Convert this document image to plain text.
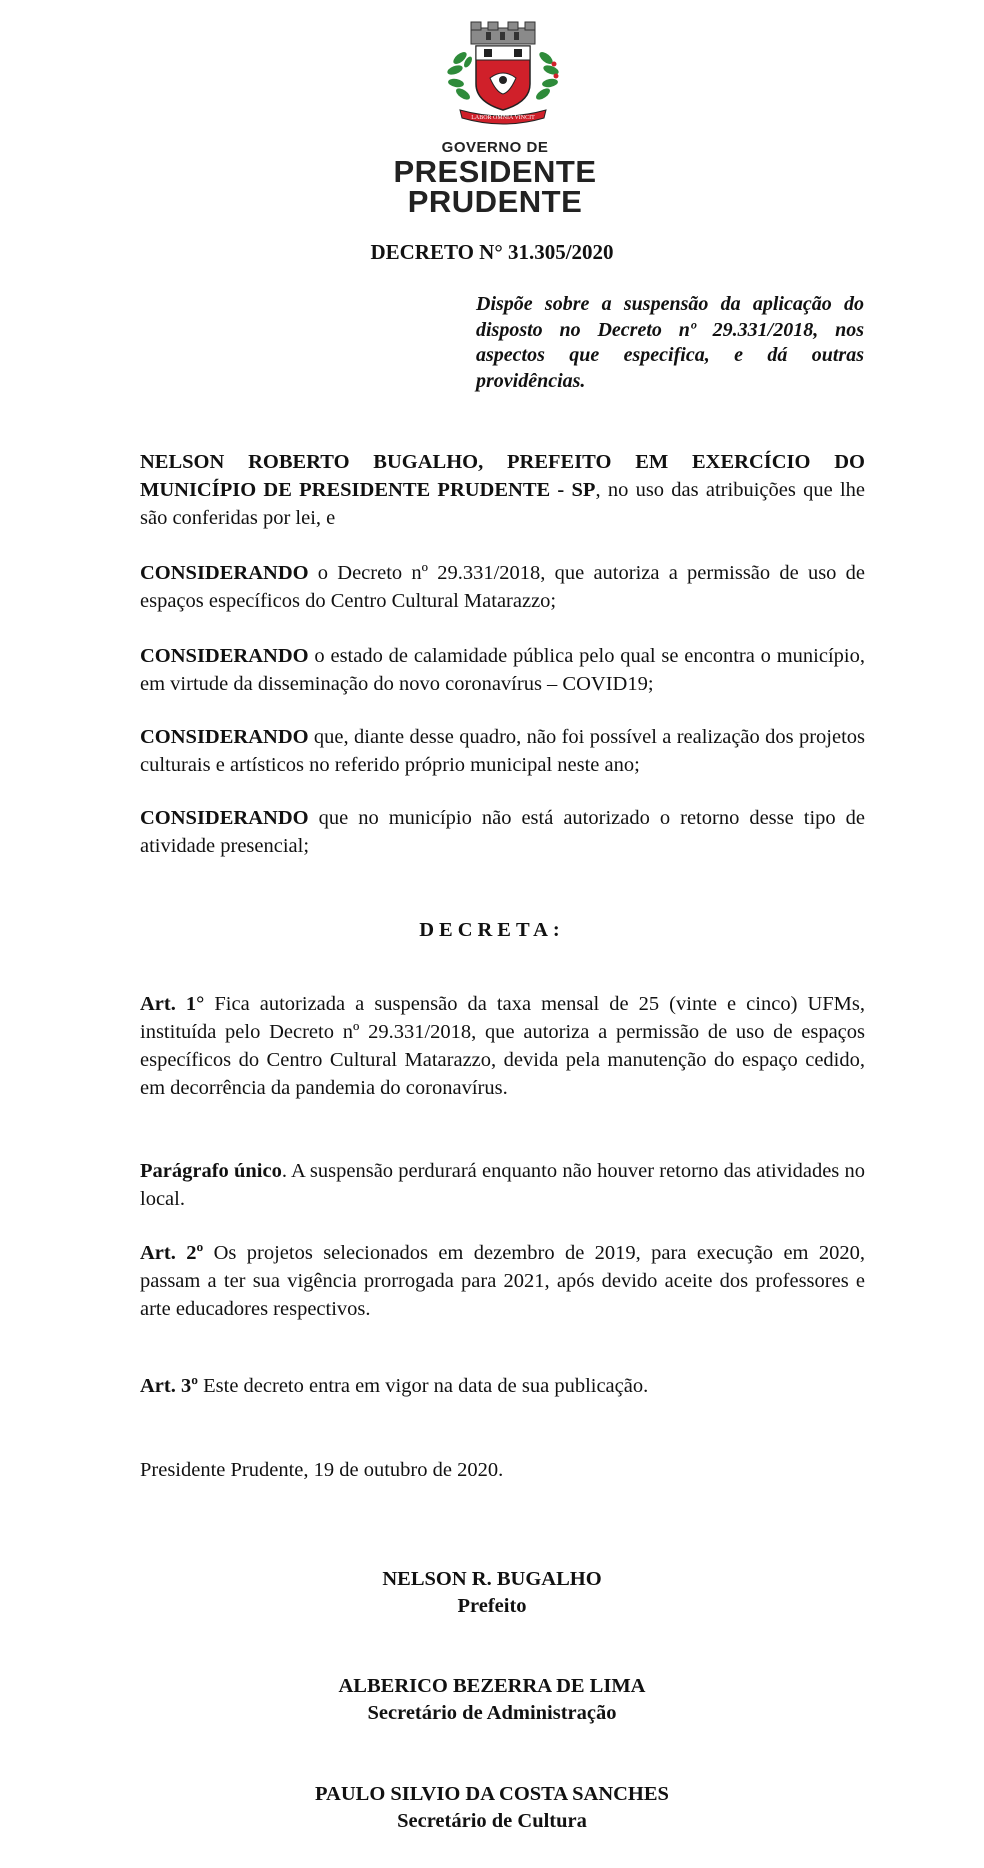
LABOR OMNIA VINCIT
GOVERNO DE
PRESIDENTE
PRUDENTE
DECRETO N° 31.305/2020
Dispõe sobre a suspensão da aplicação do disposto no Decreto nº 29.331/2018, nos aspectos que especifica, e dá outras providências.
NELSON ROBERTO BUGALHO, PREFEITO EM EXERCÍCIO DO MUNICÍPIO DE PRESIDENTE PRUDENTE - SP, no uso das atribuições que lhe são conferidas por lei, e
CONSIDERANDO o Decreto nº 29.331/2018, que autoriza a permissão de uso de espaços específicos do Centro Cultural Matarazzo;
CONSIDERANDO o estado de calamidade pública pelo qual se encontra o município, em virtude da disseminação do novo coronavírus – COVID19;
CONSIDERANDO que, diante desse quadro, não foi possível a realização dos projetos culturais e artísticos no referido próprio municipal neste ano;
CONSIDERANDO que no município não está autorizado o retorno desse tipo de atividade presencial;
DECRETA:
Art. 1° Fica autorizada a suspensão da taxa mensal de 25 (vinte e cinco) UFMs, instituída pelo Decreto nº 29.331/2018, que autoriza a permissão de uso de espaços específicos do Centro Cultural Matarazzo, devida pela manutenção do espaço cedido, em decorrência da pandemia do coronavírus.
Parágrafo único. A suspensão perdurará enquanto não houver retorno das atividades no local.
Art. 2º Os projetos selecionados em dezembro de 2019, para execução em 2020, passam a ter sua vigência prorrogada para 2021, após devido aceite dos professores e arte educadores respectivos.
Art. 3º Este decreto entra em vigor na data de sua publicação.
Presidente Prudente, 19 de outubro de 2020.
NELSON R. BUGALHO
Prefeito
ALBERICO BEZERRA DE LIMA
Secretário de Administração
PAULO SILVIO DA COSTA SANCHES
Secretário de Cultura
